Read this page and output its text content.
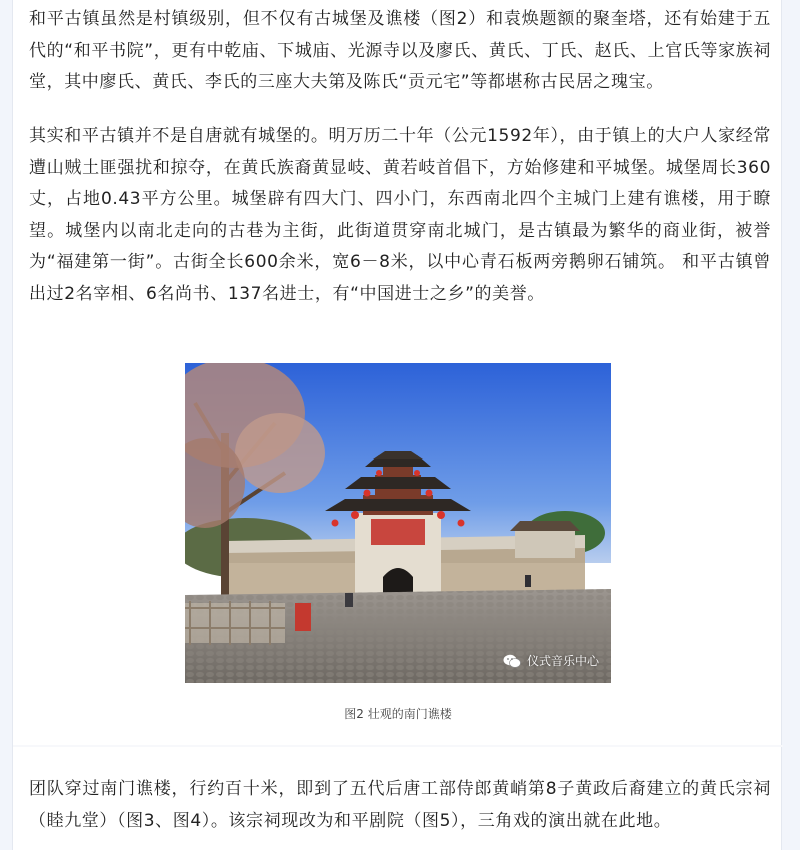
和平古镇虽然是村镇级别，但不仅有古城堡及谯楼（图2）和袁焕题额的聚奎塔，还有始建于五代的“和平书院”，更有中乾庙、下城庙、光源寺以及廖氏、黄氏、丁氏、赵氏、上官氏等家族祠堂，其中廖氏、黄氏、李氏的三座大夫第及陈氏“贡元宅”等都堪称古民居之瑰宝。

其实和平古镇并不是自唐就有城堡的。明万历二十年（公元1592年），由于镇上的大户人家经常遭山贼土匪强扰和掠夺，在黄氏族裔黄显岐、黄若岐首倡下，方始修建和平城堡。城堡周长360丈，占地0.43平方公里。城堡辟有四大门、四小门，东西南北四个主城门上建有谯楼，用于瞭望。城堡内以南北走向的古巷为主街，此街道贯穿南北城门，是古镇最为繁华的商业街，被誉为“福建第一街”。古街全长600余米，宽6－8米，以中心青石板两旁鹅卵石铺筑。 和平古镇曾出过2名宰相、6名尚书、137名进士，有“中国进士之乡”的美誉。

仪式音乐中心
图2 壮观的南门谯楼

团队穿过南门谯楼，行约百十米，即到了五代后唐工部侍郎黄峭第8子黄政后裔建立的黄氏宗祠（睦九堂）（图3、图4）。该宗祠现改为和平剧院（图5），三角戏的演出就在此地。
